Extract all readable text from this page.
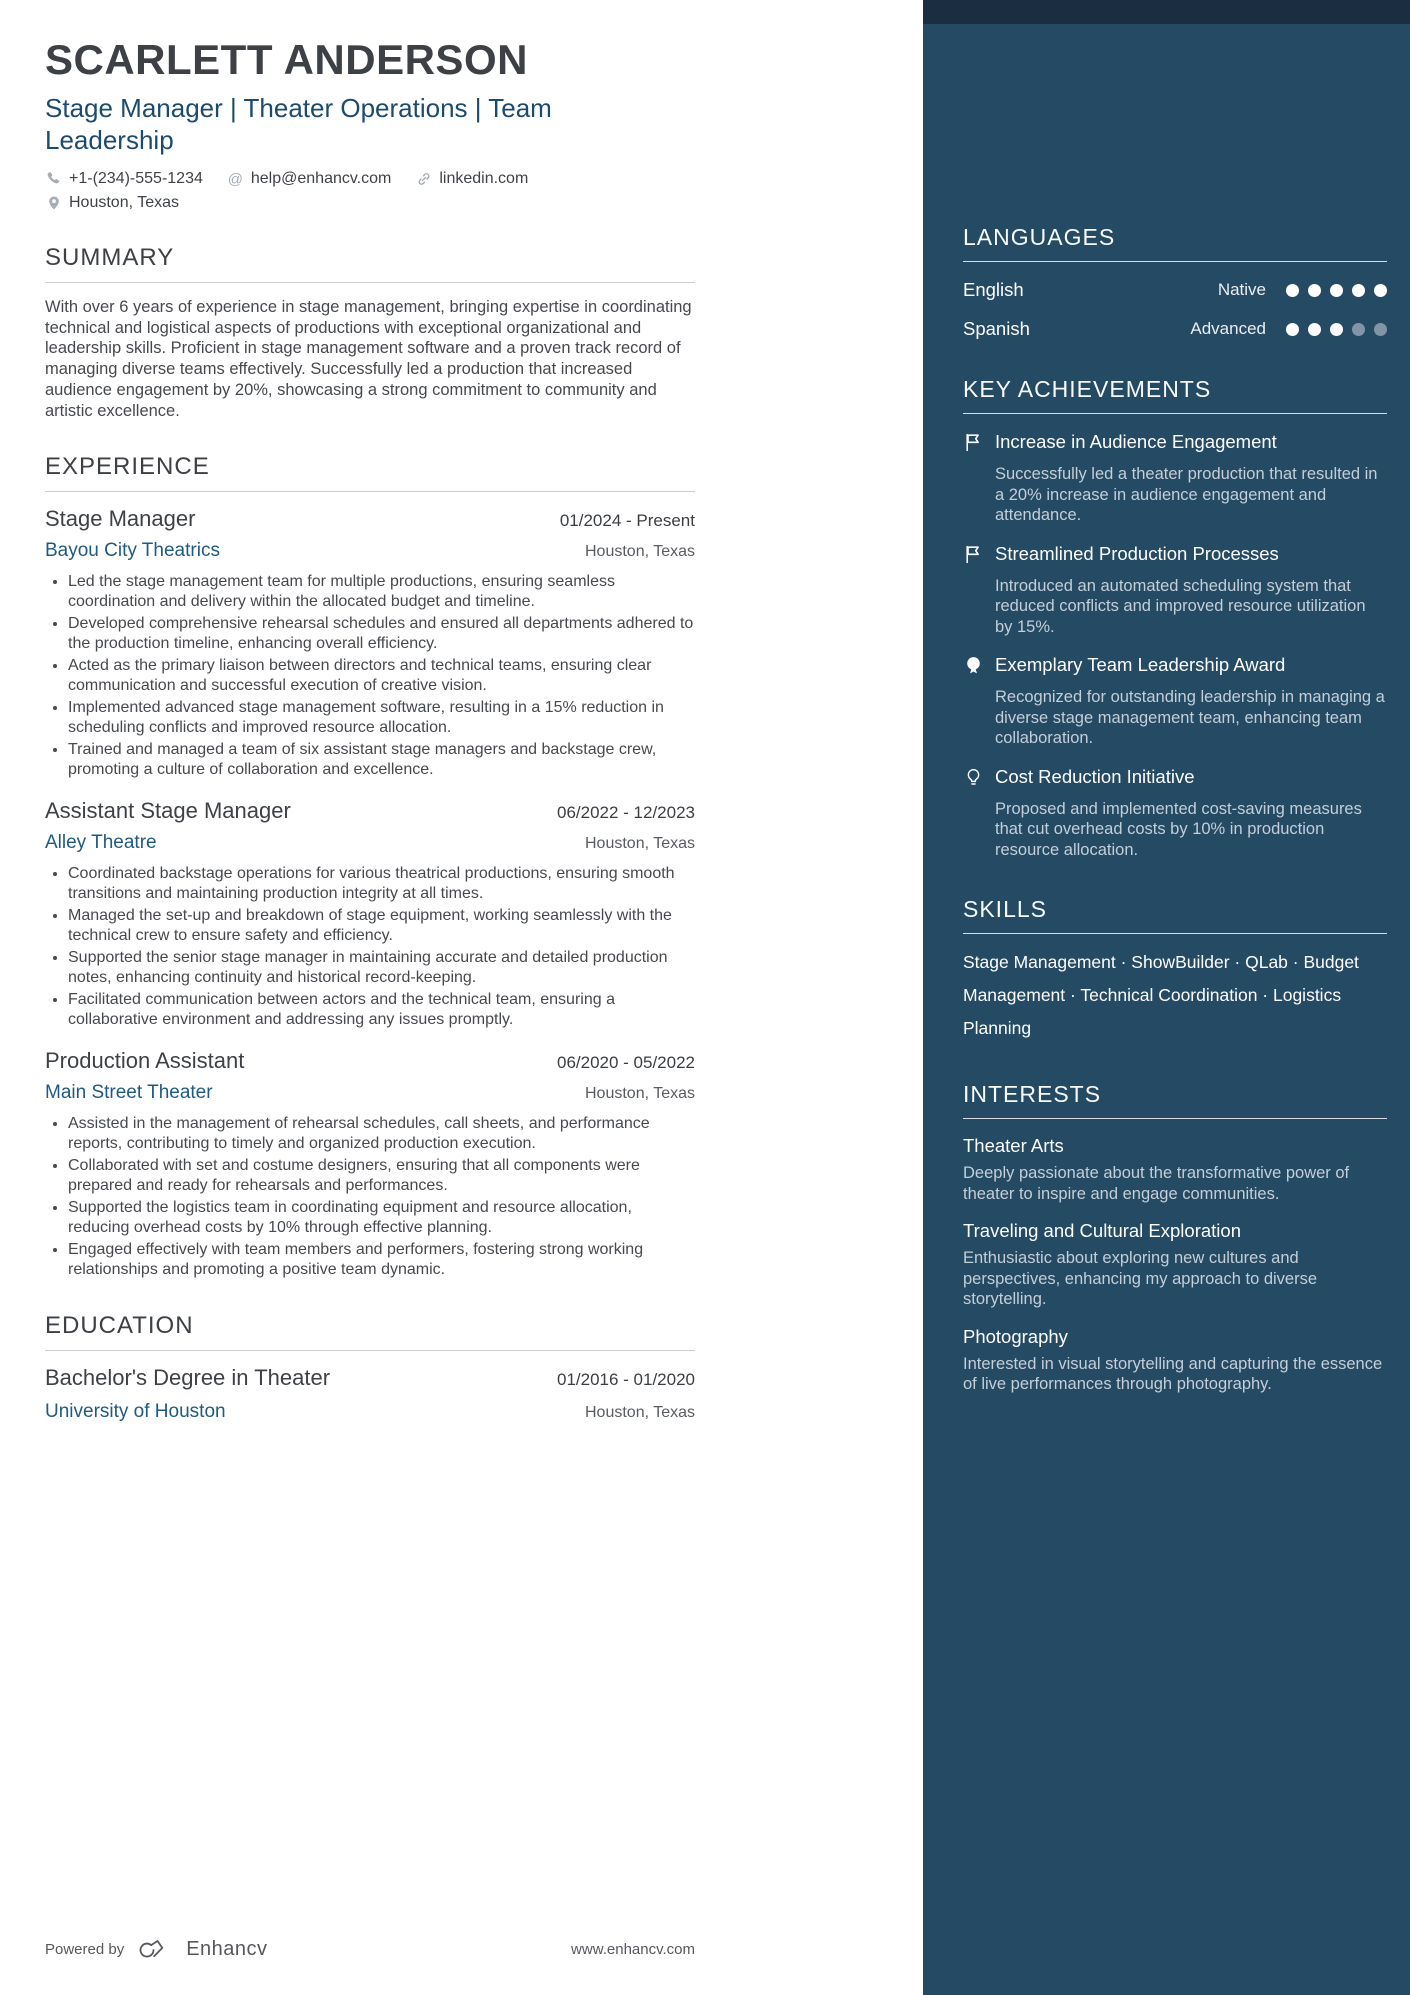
SCARLETT ANDERSON
Stage Manager | Theater Operations | Team Leadership
+1-(234)-555-1234 @ help@enhancv.com	linkedin.com
Houston, Texas
SUMMARY

With over 6 years of experience in stage management, bringing expertise in coordinating technical and logistical aspects of productions with exceptional organizational and leadership skills. Proficient in stage management software and a proven track record of managing diverse teams effectively. Successfully led a production that increased audience engagement by 20%, showcasing a strong commitment to community and artistic excellence.

EXPERIENCE
Stage Manager	01/2024 - Present
Bayou City Theatrics	Houston, Texas
• Led the stage management team for multiple productions, ensuring seamless coordination and delivery within the allocated budget and timeline.
• Developed comprehensive rehearsal schedules and ensured all departments adhered to the production timeline, enhancing overall efficiency.
• Acted as the primary liaison between directors and technical teams, ensuring clear communication and successful execution of creative vision.
• Implemented advanced stage management software, resulting in a 15% reduction in scheduling conflicts and improved resource allocation.
• Trained and managed a team of six assistant stage managers and backstage crew, promoting a culture of collaboration and excellence.
Assistant Stage Manager	06/2022 - 12/2023
Alley Theatre	Houston, Texas
• Coordinated backstage operations for various theatrical productions, ensuring smooth transitions and maintaining production integrity at all times.
• Managed the set-up and breakdown of stage equipment, working seamlessly with the technical crew to ensure safety and efficiency.
• Supported the senior stage manager in maintaining accurate and detailed production notes, enhancing continuity and historical record-keeping.
• Facilitated communication between actors and the technical team, ensuring a collaborative environment and addressing any issues promptly.
Production Assistant	06/2020 - 05/2022
Main Street Theater	Houston, Texas
• Assisted in the management of rehearsal schedules, call sheets, and performance reports, contributing to timely and organized production execution.
• Collaborated with set and costume designers, ensuring that all components were prepared and ready for rehearsals and performances.
• Supported the logistics team in coordinating equipment and resource allocation, reducing overhead costs by 10% through effective planning.
• Engaged effectively with team members and performers, fostering strong working relationships and promoting a positive team dynamic.
EDUCATION
Bachelor's Degree in Theater	01/2016 - 01/2020
University of Houston	Houston, Texas
Powered by	Enhancv	www.enhancv.com
LANGUAGES
English	Native
Spanish	Advanced
KEY ACHIEVEMENTS
Increase in Audience Engagement
Successfully led a theater production that resulted in a 20% increase in audience engagement and attendance.
Streamlined Production Processes
Introduced an automated scheduling system that reduced conflicts and improved resource utilization by 15%.
Exemplary Team Leadership Award
Recognized for outstanding leadership in managing a diverse stage management team, enhancing team collaboration.
Cost Reduction Initiative
Proposed and implemented cost-saving measures that cut overhead costs by 10% in production resource allocation.
SKILLS

Stage Management · ShowBuilder · QLab · Budget Management · Technical Coordination · Logistics Planning

INTERESTS
Theater Arts
Deeply passionate about the transformative power of theater to inspire and engage communities.
Traveling and Cultural Exploration
Enthusiastic about exploring new cultures and perspectives, enhancing my approach to diverse storytelling.
Photography
Interested in visual storytelling and capturing the essence of live performances through photography.
